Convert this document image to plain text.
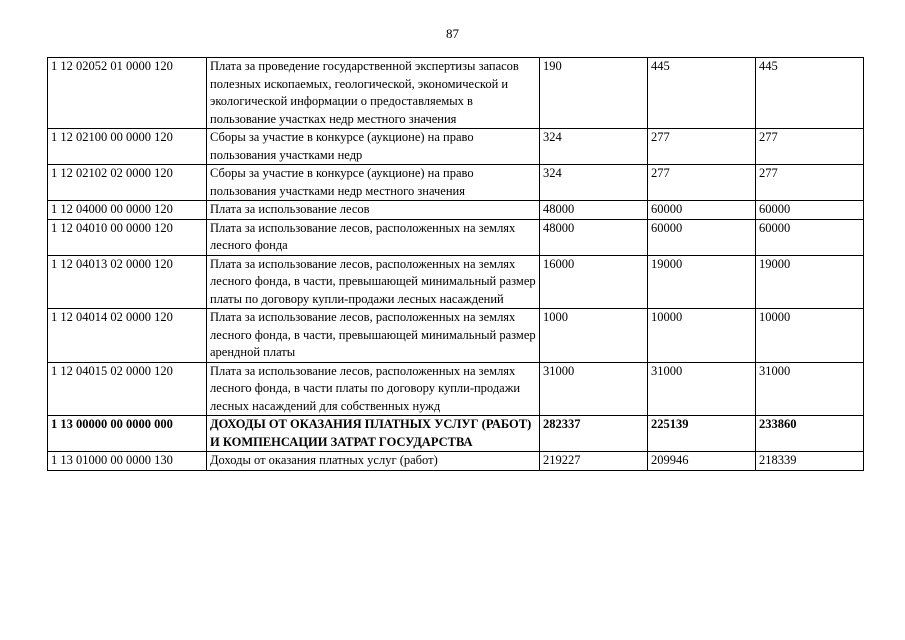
87
1 12 02052 01 0000 120	Плата за проведение государственной экспертизы запасов полезных ископаемых, геологической, экономической и экологической информации о предоставляемых в пользование участках недр местного значения	190	445	445
1 12 02100 00 0000 120	Сборы за участие в конкурсе (аукционе) на право пользования участками недр	324	277	277
1 12 02102 02 0000 120	Сборы за участие в конкурсе (аукционе) на право пользования участками недр местного значения	324	277	277
1 12 04000 00 0000 120	Плата за использование лесов	48000	60000	60000
1 12 04010 00 0000 120	Плата за использование лесов, расположенных на землях лесного фонда	48000	60000	60000
1 12 04013 02 0000 120	Плата за использование лесов, расположенных на землях лесного фонда, в части, превышающей минимальный размер платы по договору купли-продажи лесных насаждений	16000	19000	19000
1 12 04014 02 0000 120	Плата за использование лесов, расположенных на землях лесного фонда, в части, превышающей минимальный размер арендной платы	1000	10000	10000
1 12 04015 02 0000 120	Плата за использование лесов, расположенных на землях лесного фонда, в части платы по договору купли-продажи лесных насаждений для собственных нужд	31000	31000	31000
1 13 00000 00 0000 000	ДОХОДЫ ОТ ОКАЗАНИЯ ПЛАТНЫХ УСЛУГ (РАБОТ) И КОМПЕНСАЦИИ ЗАТРАТ ГОСУДАРСТВА	282337	225139	233860
1 13 01000 00 0000 130	Доходы от оказания платных услуг (работ)	219227	209946	218339
